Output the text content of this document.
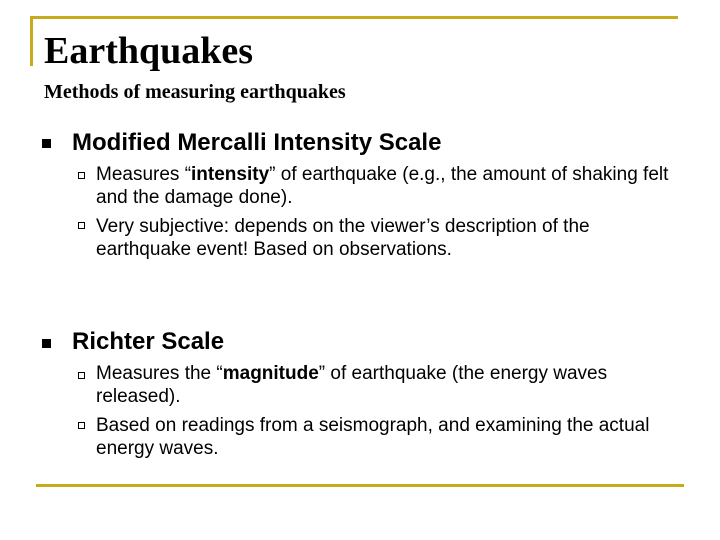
Earthquakes
Methods of measuring earthquakes
Modified Mercalli Intensity Scale
Measures “intensity” of earthquake (e.g., the amount of shaking felt and the damage done).
Very subjective: depends on the viewer’s description of the earthquake event! Based on observations.
Richter Scale
Measures the “magnitude” of earthquake (the energy waves released).
Based on readings from a seismograph, and examining the actual energy waves.
